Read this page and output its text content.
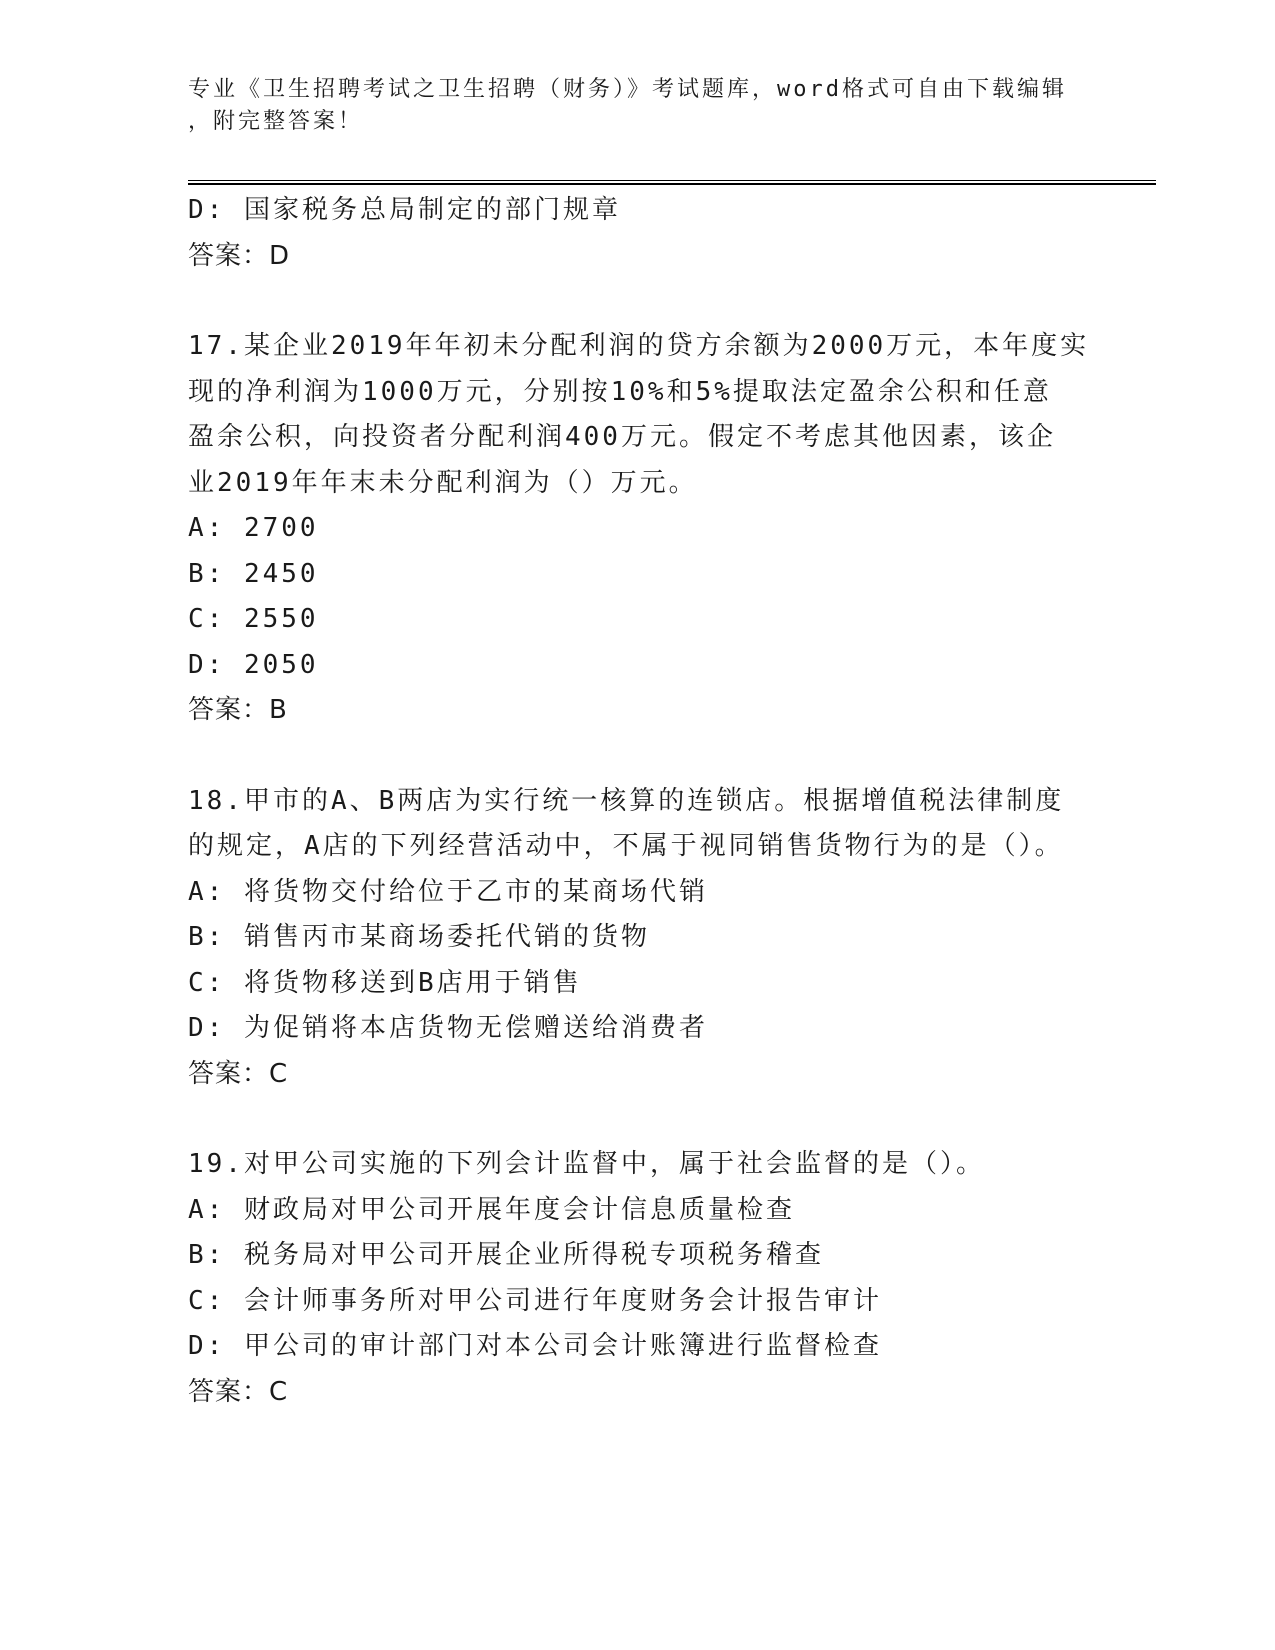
专业《卫生招聘考试之卫生招聘（财务）》考试题库，word格式可自由下载编辑
，附完整答案！

D: 国家税务总局制定的部门规章

答案：D

17.某企业2019年年初未分配利润的贷方余额为2000万元，本年度实

现的净利润为1000万元，分别按10%和5%提取法定盈余公积和任意

盈余公积，向投资者分配利润400万元。假定不考虑其他因素，该企

业2019年年末未分配利润为（）万元。

A: 2700

B: 2450

C: 2550

D: 2050

答案：B

18.甲市的A、B两店为实行统一核算的连锁店。根据增值税法律制度

的规定，A店的下列经营活动中，不属于视同销售货物行为的是（）。

A: 将货物交付给位于乙市的某商场代销

B: 销售丙市某商场委托代销的货物

C: 将货物移送到B店用于销售

D: 为促销将本店货物无偿赠送给消费者

答案：C

19.对甲公司实施的下列会计监督中，属于社会监督的是（）。

A: 财政局对甲公司开展年度会计信息质量检查

B: 税务局对甲公司开展企业所得税专项税务稽查

C: 会计师事务所对甲公司进行年度财务会计报告审计

D: 甲公司的审计部门对本公司会计账簿进行监督检查

答案：C
